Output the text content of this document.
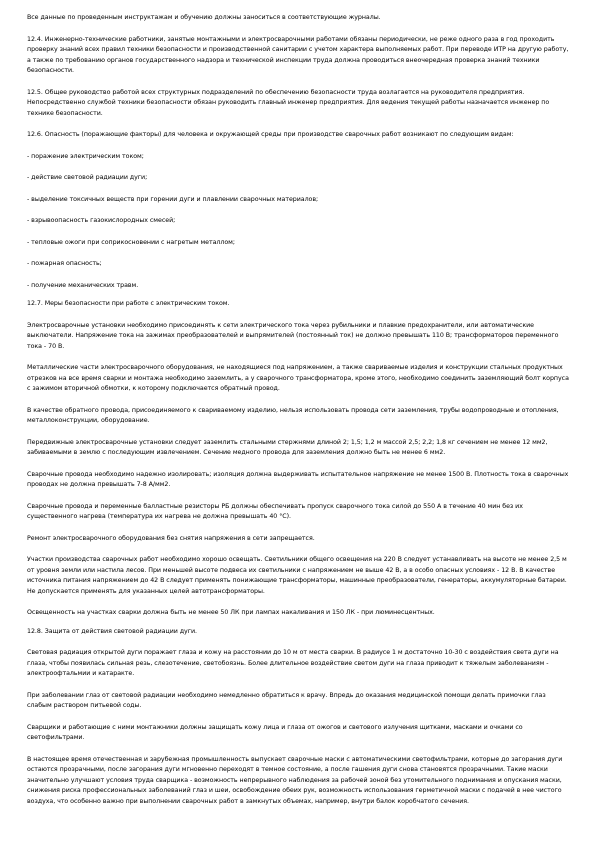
Все данные по проведенным инструктажам и обучению должны заноситься в соответствующие журналы.

12.4. Инженерно-технические работники, занятые монтажными и электросварочными работами обязаны периодически, не реже одного раза в год проходить проверку знаний всех правил техники безопасности и производственной санитарии с учетом характера выполняемых работ. При переводе ИТР на другую работу, а также по требованию органов государственного надзора и технической инспекции труда должна проводиться внеочередная проверка знаний техники безопасности.

12.5. Общее руководство работой всех структурных подразделений по обеспечению безопасности труда возлагается на руководителя предприятия. Непосредственно службой техники безопасности обязан руководить главный инженер предприятия. Для ведения текущей работы назначается инженер по технике безопасности.

12.6. Опасность (поражающие факторы) для человека и окружающей среды при производстве сварочных работ возникают по следующим видам:

- поражение электрическим током;

- действие световой радиации дуги;

- выделение токсичных веществ при горении дуги и плавлении сварочных материалов;

- взрывоопасность газокислородных смесей;

- тепловые ожоги при соприкосновении с нагретым металлом;

- пожарная опасность;

- получение механических травм.

12.7. Меры безопасности при работе с электрическим током.

Электросварочные установки необходимо присоединять к сети электрического тока через рубильники и плавкие предохранители, или автоматические выключатели. Напряжение тока на зажимах преобразователей и выпрямителей (постоянный ток) не должно превышать 110 В; трансформаторов переменного тока - 70 В.

Металлические части электросварочного оборудования, не находящиеся под напряжением, а также свариваемые изделия и конструкции стальных продуктных отрезков на все время сварки и монтажа необходимо заземлить, а у сварочного трансформатора, кроме этого, необходимо соединить заземляющий болт корпуса с зажимом вторичной обмотки, к которому подключается обратный провод.

В качестве обратного провода, присоединяемого к свариваемому изделию, нельзя использовать провода сети заземления, трубы водопроводные и отопления, металлоконструкции, оборудование.

Передвижные электросварочные установки следует заземлить стальными стержнями длиной 2; 1,5; 1,2 м массой 2,5; 2,2; 1,8 кг сечением не менее 12 мм2, забиваемыми в землю с последующим извлечением. Сечение медного провода для заземления должно быть не менее 6 мм2.

Сварочные провода необходимо надежно изолировать; изоляция должна выдерживать испытательное напряжение не менее 1500 В. Плотность тока в сварочных проводах не должна превышать 7-8 А/мм2.

Сварочные провода и переменные балластные резисторы РБ должны обеспечивать пропуск сварочного тока силой до 550 А в течение 40 мин без их существенного нагрева (температура их нагрева не должна превышать 40 °С).

Ремонт электросварочного оборудования без снятия напряжения в сети запрещается.

Участки производства сварочных работ необходимо хорошо освещать. Светильники общего освещения на 220 В следует устанавливать на высоте не менее 2,5 м от уровня земли или настила лесов. При меньшей высоте подвеса их светильники с напряжением не выше 42 В, а в особо опасных условиях - 12 В. В качестве источника питания напряжением до 42 В следует применять понижающие трансформаторы, машинные преобразователи, генераторы, аккумуляторные батареи. Не допускается применять для указанных целей автотрансформаторы.

Освещенность на участках сварки должна быть не менее 50 ЛК при лампах накаливания и 150 ЛК - при люминесцентных.

12.8. Защита от действия световой радиации дуги.

Световая радиация открытой дуги поражает глаза и кожу на расстоянии до 10 м от места сварки. В радиусе 1 м достаточно 10-30 с воздействия света дуги на глаза, чтобы появилась сильная резь, слезотечение, светобоязнь. Более длительное воздействие светом дуги на глаза приводит к тяжелым заболеваниям - электроофтальмии и катаракте.

При заболевании глаз от световой радиации необходимо немедленно обратиться к врачу. Впредь до оказания медицинской помощи делать примочки глаз слабым раствором питьевой соды.

Сварщики и работающие с ними монтажники должны защищать кожу лица и глаза от ожогов и светового излучения щитками, масками и очками со светофильтрами.

В настоящее время отечественная и зарубежная промышленность выпускает сварочные маски с автоматическими светофильтрами, которые до загорания дуги остаются прозрачными, после загорания дуги мгновенно переходят в темное состояние, а после гашения дуги снова становятся прозрачными. Такие маски значительно улучшают условия труда сварщика - возможность непрерывного наблюдения за рабочей зоной без утомительного поднимания и опускания маски, снижения риска профессиональных заболеваний глаз и шеи, освобождение обеих рук, возможность использования герметичной маски с подачей в нее чистого воздуха, что особенно важно при выполнении сварочных работ в замкнутых объемах, например, внутри балок коробчатого сечения.
